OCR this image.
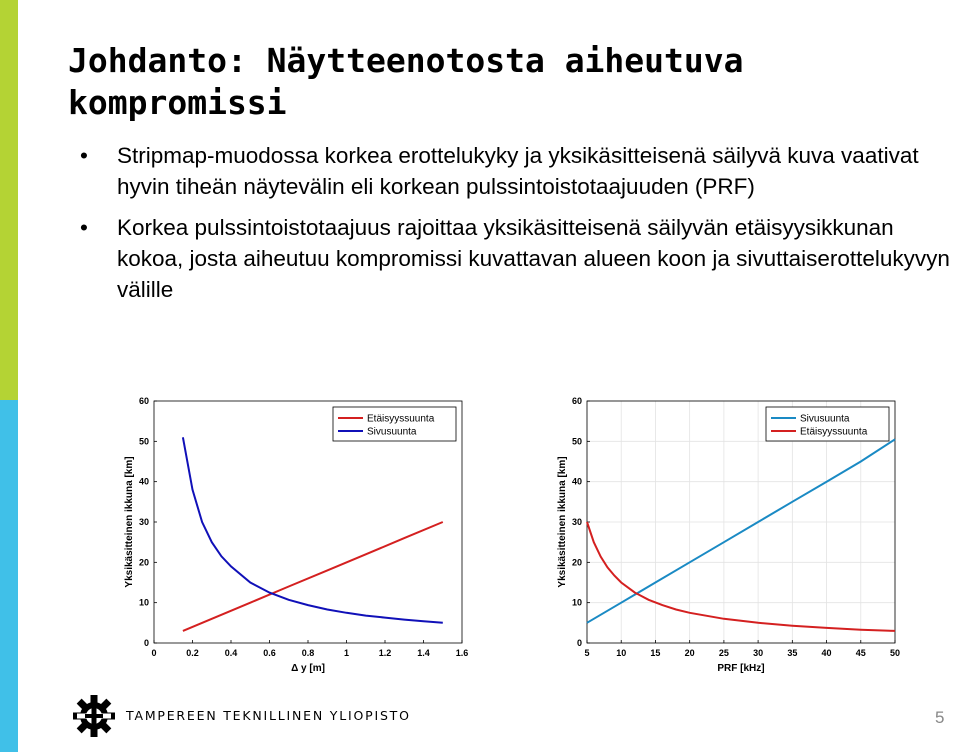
Johdanto: Näytteenotosta aiheutuva kompromissi
• Stripmap-muodossa korkea erottelukyky ja yksikäsitteisenä säilyvä kuva vaativat hyvin tiheän näytevälin eli korkean pulssintoistotaajuuden (PRF)
• Korkea pulssintoistotaajuus rajoittaa yksikäsitteisenä säilyvän etäisyysikkunan kokoa, josta aiheutuu kompromissi kuvattavan alueen koon ja sivuttaiserottelukyvyn välille
0	0.2	0.4	0.6	0.8	1	1.2	1.4	1.6
0
10
20
30
40
50
60
Δ y [m]
Yksikäsitteinen ikkuna [km]
Etäisyyssuunta
Sivusuunta
5	10	15	20	25	30	35	40	45	50
0
10
20
30
40
50
60
PRF [kHz]
Yksikäsitteinen ikkuna [km]
Sivusuunta
Etäisyyssuunta
TAMPEREEN TEKNILLINEN YLIOPISTO	5
